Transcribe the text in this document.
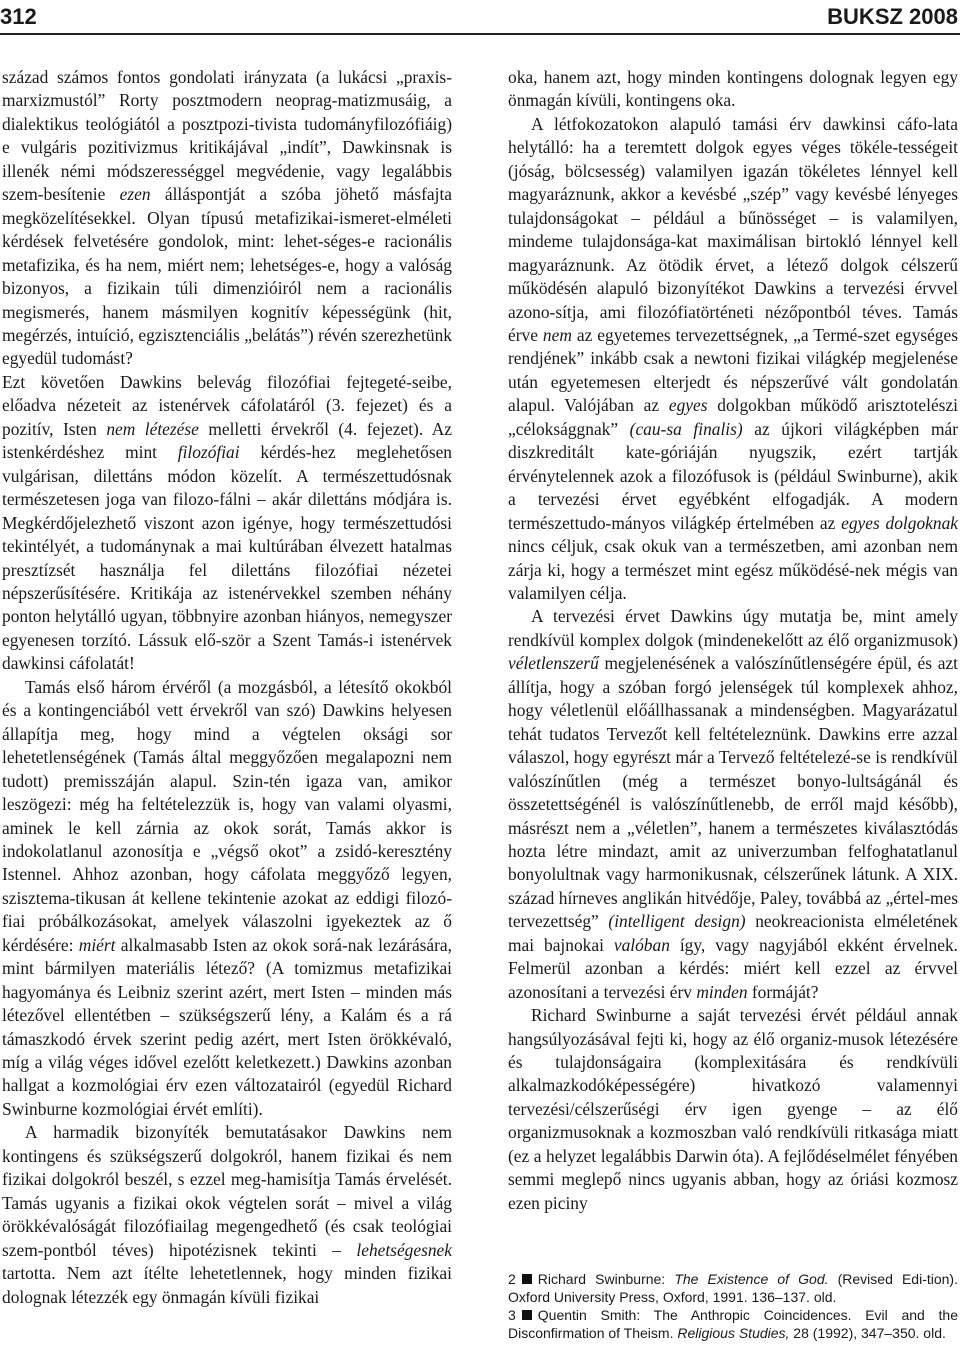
312	BUKSZ 2008

század számos fontos gondolati irányzata (a lukácsi „praxis-marxizmustól” Rorty posztmodern neoprag-matizmusáig, a dialektikus teológiától a posztpozi-tivista tudományfilozófiáig) e vulgáris pozitivizmus kritikájával „indít”, Dawkinsnak is illenék némi módszerességgel megvédenie, vagy legalábbis szem-besítenie ezen álláspontját a szóba jöhető másfajta megközelítésekkel. Olyan típusú metafizikai-ismeret-elméleti kérdések felvetésére gondolok, mint: lehet-séges-e racionális metafizika, és ha nem, miért nem; lehetséges-e, hogy a valóság bizonyos, a fizikain túli dimenzióiról nem a racionális megismerés, hanem másmilyen kognitív képességünk (hit, megérzés, intuíció, egzisztenciális „belátás”) révén szerezhetünk egyedül tudomást?

Ezt követően Dawkins belevág filozófiai fejtegeté-seibe, előadva nézeteit az istenérvek cáfolatáról (3. fejezet) és a pozitív, Isten nem létezése melletti érvekről (4. fejezet). Az istenkérdéshez mint filozófiai kérdés-hez meglehetősen vulgárisan, dilettáns módon közelít. A természettudósnak természetesen joga van filozo-fálni – akár dilettáns módjára is. Megkérdőjelezhető viszont azon igénye, hogy természettudósi tekintélyét, a tudománynak a mai kultúrában élvezett hatalmas presztízsét használja fel dilettáns filozófiai nézetei népszerűsítésére. Kritikája az istenérvekkel szemben néhány ponton helytálló ugyan, többnyire azonban hiányos, nemegyszer egyenesen torzító. Lássuk elő-ször a Szent Tamás-i istenérvek dawkinsi cáfolatát!

Tamás első három érvéről (a mozgásból, a létesítő okokból és a kontingenciából vett érvekről van szó) Dawkins helyesen állapítja meg, hogy mind a végtelen oksági sor lehetetlenségének (Tamás által meggyőzően megalapozni nem tudott) premisszáján alapul. Szin-tén igaza van, amikor leszögezi: még ha feltételezzük is, hogy van valami olyasmi, aminek le kell zárnia az okok sorát, Tamás akkor is indokolatlanul azonosítja e „végső okot” a zsidó-keresztény Istennel. Ahhoz azonban, hogy cáfolata meggyőző legyen, szisztema-tikusan át kellene tekintenie azokat az eddigi filozó-fiai próbálkozásokat, amelyek válaszolni igyekeztek az ő kérdésére: miért alkalmasabb Isten az okok sorá-nak lezárására, mint bármilyen materiális létező? (A tomizmus metafizikai hagyománya és Leibniz szerint azért, mert Isten – minden más létezővel ellentétben – szükségszerű lény, a Kalám és a rá támaszkodó érvek szerint pedig azért, mert Isten örökkévaló, míg a világ véges idővel ezelőtt keletkezett.) Dawkins azonban hallgat a kozmológiai érv ezen változatairól (egyedül Richard Swinburne kozmológiai érvét említi).

A harmadik bizonyíték bemutatásakor Dawkins nem kontingens és szükségszerű dolgokról, hanem fizikai és nem fizikai dolgokról beszél, s ezzel meg-hamisítja Tamás érvelését. Tamás ugyanis a fizikai okok végtelen sorát – mivel a világ örökkévalóságát filozófiailag megengedhető (és csak teológiai szem-pontból téves) hipotézisnek tekinti – lehetségesnek tartotta. Nem azt ítélte lehetetlennek, hogy minden fizikai dolognak létezzék egy önmagán kívüli fizikai

oka, hanem azt, hogy minden kontingens dolognak legyen egy önmagán kívüli, kontingens oka.

A létfokozatokon alapuló tamási érv dawkinsi cáfo-lata helytálló: ha a teremtett dolgok egyes véges tökéle-tességeit (jóság, bölcsesség) valamilyen igazán tökéletes lénnyel kell magyaráznunk, akkor a kevésbé „szép” vagy kevésbé lényeges tulajdonságokat – például a bűnösséget – is valamilyen, mindeme tulajdonsága-kat maximálisan birtokló lénnyel kell magyaráznunk. Az ötödik érvet, a létező dolgok célszerű működésén alapuló bizonyítékot Dawkins a tervezési érvvel azono-sítja, ami filozófiatörténeti nézőpontból téves. Tamás érve nem az egyetemes tervezettségnek, „a Termé-szet egységes rendjének” inkább csak a newtoni fizikai világkép megjelenése után egyetemesen elterjedt és népszerűvé vált gondolatán alapul. Valójában az egyes dolgokban működő arisztotelészi „céloksággnak” (cau-sa finalis) az újkori világképben már diszkreditált kate-góriáján nyugszik, ezért tartják érvénytelennek azok a filozófusok is (például Swinburne), akik a tervezési érvet egyébként elfogadják. A modern természettudo-mányos világkép értelmében az egyes dolgoknak nincs céljuk, csak okuk van a természetben, ami azonban nem zárja ki, hogy a természet mint egész működésé-nek mégis van valamilyen célja.

A tervezési érvet Dawkins úgy mutatja be, mint amely rendkívül komplex dolgok (mindenekelőtt az élő organizmusok) véletlenszerű megjelenésének a valószínűtlenségére épül, és azt állítja, hogy a szóban forgó jelenségek túl komplexek ahhoz, hogy véletlenül előállhassanak a mindenségben. Magyarázatul tehát tudatos Tervezőt kell feltételeznünk. Dawkins erre azzal válaszol, hogy egyrészt már a Tervező feltételezé-se is rendkívül valószínűtlen (még a természet bonyo-lultságánál és összetettségénél is valószínűtlenebb, de erről majd később), másrészt nem a „véletlen”, hanem a természetes kiválasztódás hozta létre mindazt, amit az univerzumban felfoghatatlanul bonyolultnak vagy harmonikusnak, célszerűnek látunk. A XIX. század hírneves anglikán hitvédője, Paley, továbbá az „értel-mes tervezettség” (intelligent design) neokreacionista elméletének mai bajnokai valóban így, vagy nagyjából ekként érvelnek. Felmerül azonban a kérdés: miért kell ezzel az érvvel azonosítani a tervezési érv minden formáját?

Richard Swinburne a saját tervezési érvét például annak hangsúlyozásával fejti ki, hogy az élő organiz-musok létezésére és tulajdonságaira (komplexitására és rendkívüli alkalmazkodóképességére) hivatkozó valamennyi tervezési/célszerűségi érv igen gyenge – az élő organizmusoknak a kozmoszban való rendkívüli ritkasága miatt (ez a helyzet legalábbis Darwin óta). A fejlődéselmélet fényében semmi meglepő nincs ugyanis abban, hogy az óriási kozmosz ezen piciny

2 Richard Swinburne: The Existence of God. (Revised Edi-tion). Oxford University Press, Oxford, 1991. 136–137. old.

3 Quentin Smith: The Anthropic Coincidences. Evil and the Disconfirmation of Theism. Religious Studies, 28 (1992), 347–350. old.
